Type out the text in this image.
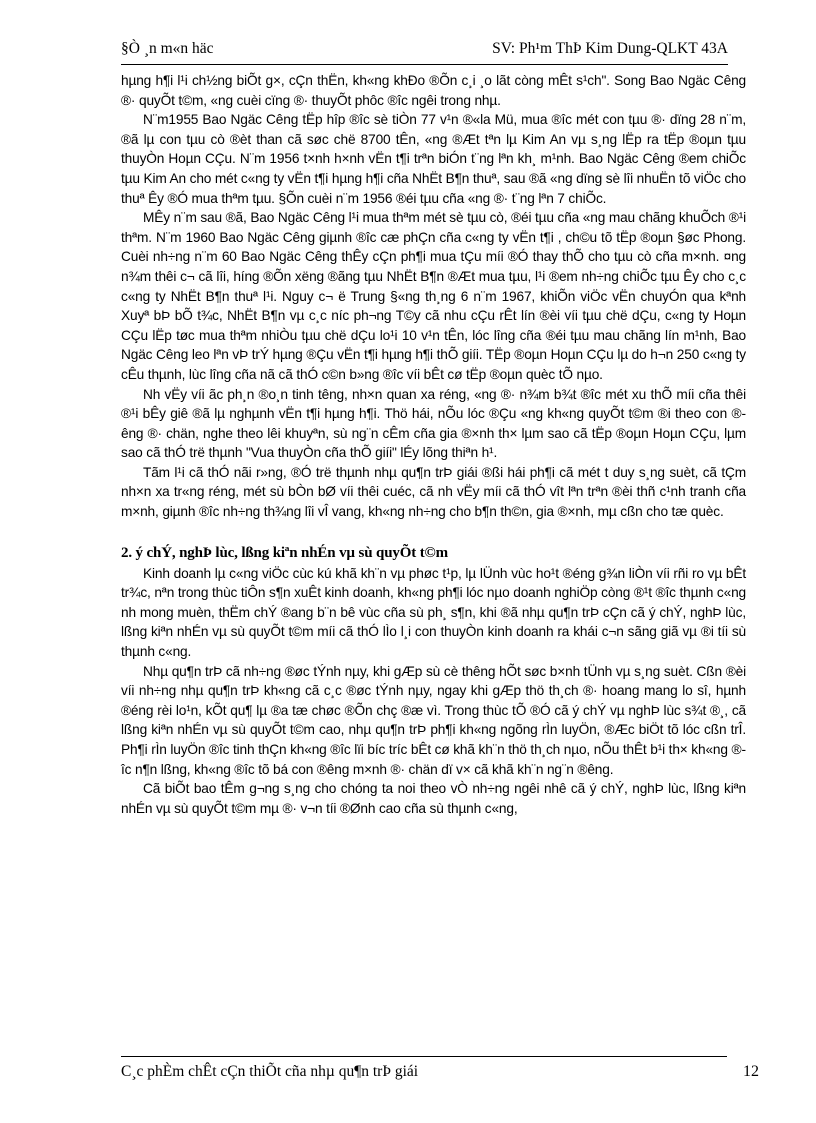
§Ò ¸n m«n häc	SV: Ph¹m ThÞ Kim Dung-QLKT 43A

hµng h¶i l¹i ch½ng biÕt g×, cÇn thËn, kh«ng khÐo ®Õn c¸i ¸o lãt còng mÊt s¹ch". Song Bao Ngäc Cêng ®· quyÕt t©m, «ng cuèi cïng ®· thuyÕt phôc ®îc ngêi trong nhµ.

N¨m1955 Bao Ngäc Cêng tËp hîp ®îc sè tiÒn 77 v¹n ®«la Mü, mua ®îc mét con tµu ®· dïng 28 n¨m, ®ã lµ con tµu cò ®èt than cã søc chë 8700 tÊn, «ng ®Æt tªn lµ Kim An vµ s¸ng lËp ra tËp ®oµn tµu thuyÒn Hoµn CÇu. N¨m 1956 t×nh h×nh vËn t¶i trªn biÓn t¨ng lªn kh¸ m¹nh. Bao Ngäc Cêng ®em chiÕc tµu Kim An cho mét c«ng ty vËn t¶i hµng h¶i cña NhËt B¶n thuª, sau ®ã «ng dïng sè lîi nhuËn tõ viÖc cho thuª Êy ®Ó mua thªm tµu. §Õn cuèi n¨m 1956 ®éi tµu cña «ng ®· t¨ng lªn 7 chiÕc.

MÊy n¨m sau ®ã, Bao Ngäc Cêng l¹i mua thªm mét sè tµu cò, ®éi tµu cña «ng mau chãng khuÕch ®¹i thªm. N¨m 1960 Bao Ngäc Cêng giµnh ®îc cæ phÇn cña c«ng ty vËn t¶i , ch©u tõ tËp ®oµn §øc Phong. Cuèi nh÷ng n¨m 60 Bao Ngäc Cêng thÊy cÇn ph¶i mua tÇu míi ®Ó thay thÕ cho tµu cò cña m×nh. ¤ng n¾m thêi c¬ cã lîi, híng ®Õn xëng ®ãng tµu NhËt B¶n ®Æt mua tµu, l¹i ®em nh÷ng chiÕc tµu Êy cho c¸c c«ng ty NhËt B¶n thuª l¹i. Nguy c¬ ë Trung §«ng th¸ng 6 n¨m 1967, khiÕn viÖc vËn chuyÓn qua kªnh Xuyª bÞ bÕ t¾c, NhËt B¶n vµ c¸c níc ph¬ng T©y cã nhu cÇu rÊt lín ®èi víi tµu chë dÇu, c«ng ty Hoµn CÇu lËp tøc mua thªm nhiÒu tµu chë dÇu lo¹i 10 v¹n tÊn, lóc lîng cña ®éi tµu mau chãng lín m¹nh, Bao Ngäc Cêng leo lªn vÞ trÝ hµng ®Çu vËn t¶i hµng h¶i thÕ giíi. TËp ®oµn Hoµn CÇu lµ do h¬n 250 c«ng ty cÊu thµnh, lùc lîng cña nã cã thÓ c©n b»ng ®îc víi bÊt cø tËp ®oµn quèc tÕ nµo.

Nh vËy víi ãc ph¸n ®o¸n tinh têng, nh×n quan xa réng, «ng ®· n¾m b¾t ®îc mét xu thÕ míi cña thêi ®¹i bÊy giê ®ã lµ nghµnh vËn t¶i hµng h¶i. Thö hái, nÕu lóc ®Çu «ng kh«ng quyÕt t©m ®i theo con ®êng ®· chän, nghe theo lêi khuyªn, sù ng¨n cÊm cña gia ®×nh th× lµm sao cã tËp ®oµn Hoµn CÇu, lµm sao cã thÓ trë thµnh "Vua thuyÒn cña thÕ giíi" lÉy lõng thiªn h¹.

Tãm l¹i cã thÓ nãi r»ng, ®Ó trë thµnh nhµ qu¶n trÞ giái ®ßi hái ph¶i cã mét t duy s¸ng suèt, cã tÇm nh×n xa tr«ng réng, mét sù bÒn bØ víi thêi cuéc, cã nh vËy míi cã thÓ vît lªn trªn ®èi thñ c¹nh tranh cña m×nh, giµnh ®îc nh÷ng th¾ng lîi vÎ vang, kh«ng nh÷ng cho b¶n th©n, gia ®×nh, mµ cßn cho tæ quèc.

2. ý chÝ, nghÞ lùc, lßng kiªn nhÉn vµ sù quyÕt t©m

Kinh doanh lµ c«ng viÖc cùc kú khã kh¨n vµ phøc t¹p, lµ lÜnh vùc ho¹t ®éng g¾n liÒn víi rñi ro vµ bÊt tr¾c, nªn trong thùc tiÔn s¶n xuÊt kinh doanh, kh«ng ph¶i lóc nµo doanh nghiÖp còng ®¹t ®îc thµnh c«ng nh mong muèn, thËm chÝ ®ang b¨n bê vùc cña sù ph¸ s¶n, khi ®ã nhµ qu¶n trÞ cÇn cã ý chÝ, nghÞ lùc, lßng kiªn nhÉn vµ sù quyÕt t©m míi cã thÓ lÌo l¸i con thuyÒn kinh doanh ra khái c¬n sãng giã vµ ®i tíi sù thµnh c«ng.

Nhµ qu¶n trÞ cã nh÷ng ®øc tÝnh nµy, khi gÆp sù cè thêng hÕt søc b×nh tÜnh vµ s¸ng suèt. Cßn ®èi víi nh÷ng nhµ qu¶n trÞ kh«ng cã c¸c ®øc tÝnh nµy, ngay khi gÆp thö th¸ch ®· hoang mang lo sî, hµnh ®éng rèi lo¹n, kÕt qu¶ lµ ®a tæ chøc ®Õn chç ®æ vì. Trong thùc tÕ ®Ó cã ý chÝ vµ nghÞ lùc s¾t ®¸, cã lßng kiªn nhÉn vµ sù quyÕt t©m cao, nhµ qu¶n trÞ ph¶i kh«ng ngõng rÌn luyÖn, ®Æc biÖt tõ lóc cßn trÎ. Ph¶i rÌn luyÖn ®îc tinh thÇn kh«ng ®îc lïi bíc tríc bÊt cø khã kh¨n thö th¸ch nµo, nÕu thÊt b¹i th× kh«ng ®îc n¶n lßng, kh«ng ®îc tõ bá con ®êng m×nh ®· chän dï v× cã khã kh¨n ng¨n ®êng.

Cã biÕt bao tÊm g¬ng s¸ng cho chóng ta noi theo vÒ nh÷ng ngêi nhê cã ý chÝ, nghÞ lùc, lßng kiªn nhÉn vµ sù quyÕt t©m mµ ®· v¬n tíi ®Ønh cao cña sù thµnh c«ng,

C¸c phÈm chÊt cÇn thiÕt cña nhµ qu¶n trÞ giái	12
